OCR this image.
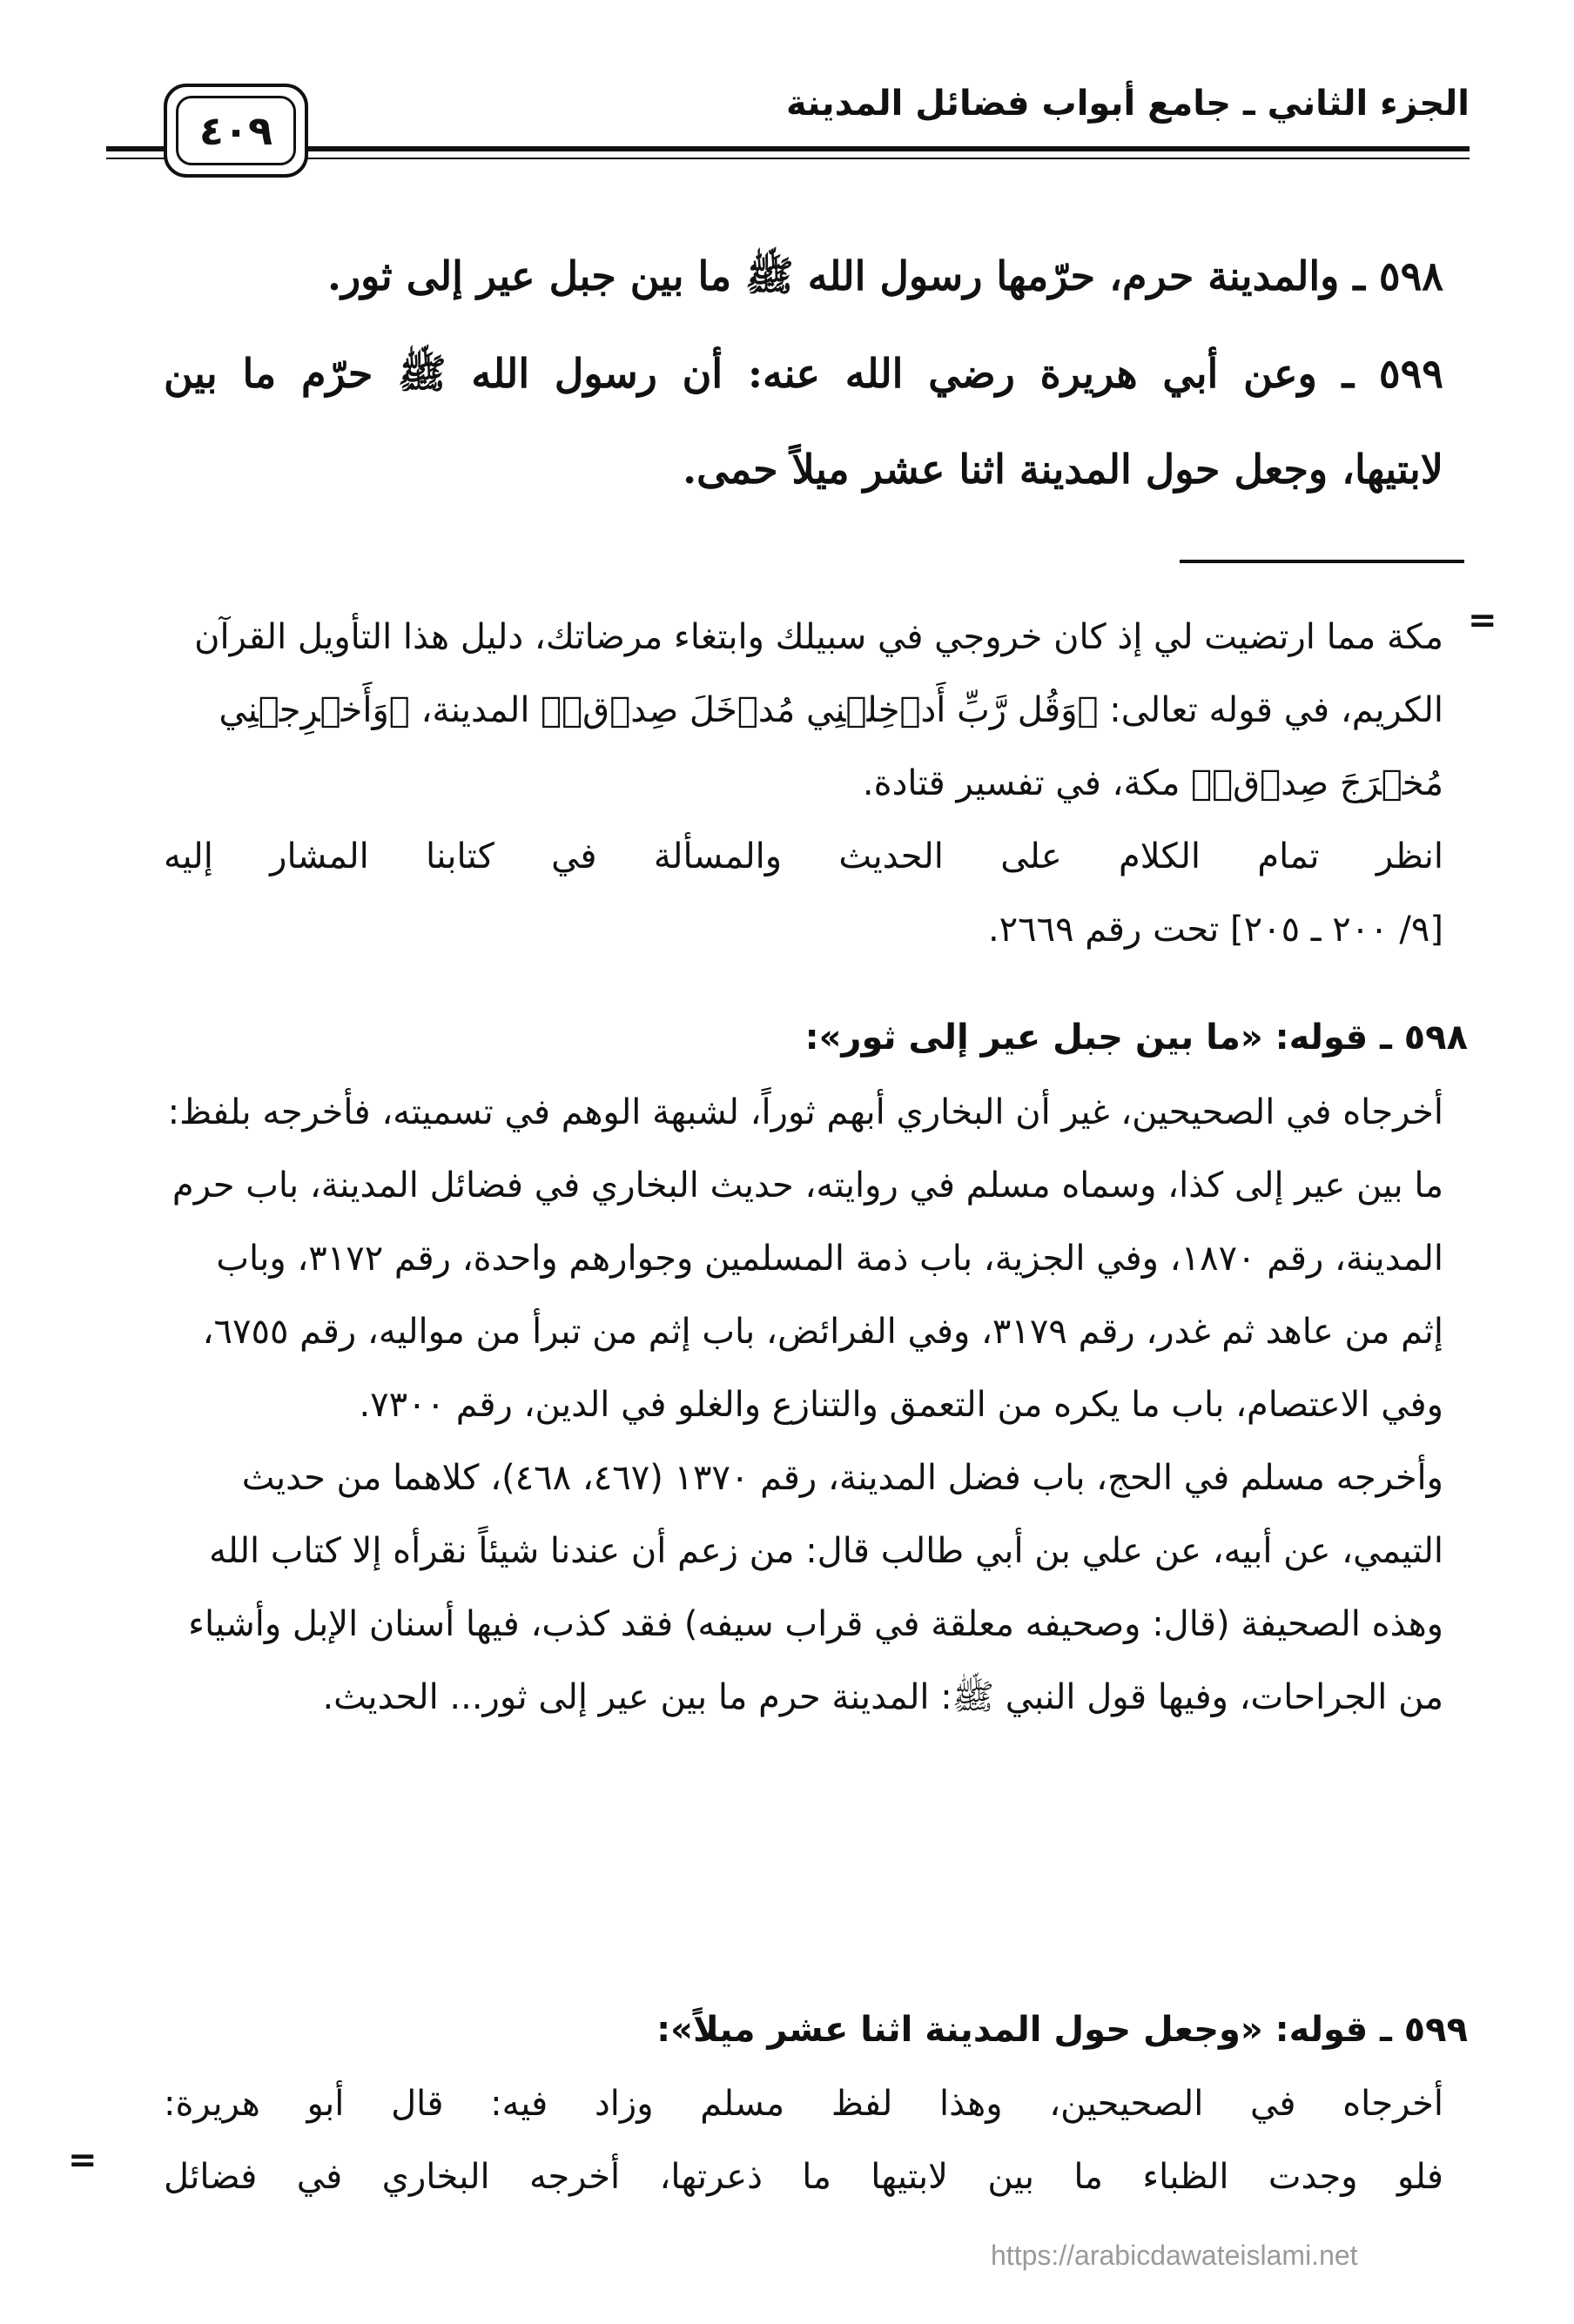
الجزء الثاني ـ جامع أبواب فضائل المدينة
٤٠٩
٥٩٨ ـ والمدينة حرم، حرّمها رسول الله ﷺ ما بين جبل عير إلى ثور.
٥٩٩ ـ وعن أبي هريرة رضي الله عنه: أن رسول الله ﷺ حرّم ما بين
لابتيها، وجعل حول المدينة اثنا عشر ميلاً حمى.
=
مكة مما ارتضيت لي إذ كان خروجي في سبيلك وابتغاء مرضاتك، دليل هذا التأويل القرآن الكريم، في قوله تعالى: ﴿وَقُل رَّبِّ أَدۡخِلۡنِي مُدۡخَلَ صِدۡقٖ﴾ المدينة، ﴿وَأَخۡرِجۡنِي مُخۡرَجَ صِدۡقٖ﴾ مكة، في تفسير قتادة.
انظر تمام الكلام على الحديث والمسألة في كتابنا المشار إليه
[٩/ ٢٠٠ ـ ٢٠٥] تحت رقم ٢٦٦٩.
٥٩٨ ـ قوله: «ما بين جبل عير إلى ثور»:
أخرجاه في الصحيحين، غير أن البخاري أبهم ثوراً، لشبهة الوهم في تسميته، فأخرجه بلفظ: ما بين عير إلى كذا، وسماه مسلم في روايته، حديث البخاري في فضائل المدينة، باب حرم المدينة، رقم ١٨٧٠، وفي الجزية، باب ذمة المسلمين وجوارهم واحدة، رقم ٣١٧٢، وباب إثم من عاهد ثم غدر، رقم ٣١٧٩، وفي الفرائض، باب إثم من تبرأ من مواليه، رقم ٦٧٥٥، وفي الاعتصام، باب ما يكره من التعمق والتنازع والغلو في الدين، رقم ٧٣٠٠.
وأخرجه مسلم في الحج، باب فضل المدينة، رقم ١٣٧٠ (٤٦٧، ٤٦٨)، كلاهما من حديث التيمي، عن أبيه، عن علي بن أبي طالب قال: من زعم أن عندنا شيئاً نقرأه إلا كتاب الله وهذه الصحيفة (قال: وصحيفه معلقة في قراب سيفه) فقد كذب، فيها أسنان الإبل وأشياء من الجراحات، وفيها قول النبي ﷺ: المدينة حرم ما بين عير إلى ثور... الحديث.
٥٩٩ ـ قوله: «وجعل حول المدينة اثنا عشر ميلاً»:
أخرجاه في الصحيحين، وهذا لفظ مسلم وزاد فيه: قال أبو هريرة:
فلو وجدت الظباء ما بين لابتيها ما ذعرتها، أخرجه البخاري في فضائل
=
https://arabicdawateislami.net
